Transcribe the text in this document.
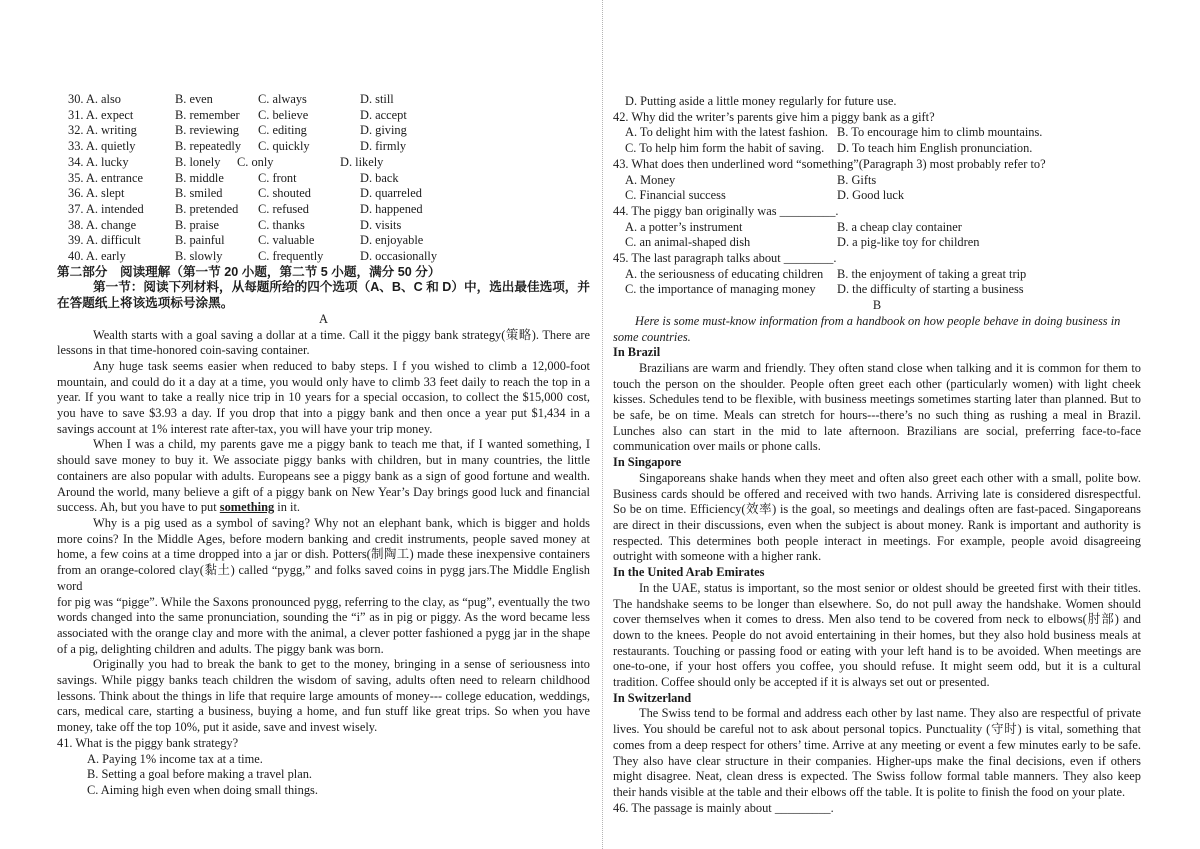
30. A. also	B. even	C. always	D. still
31. A. expect	B. remember	C. believe	D. accept
32. A. writing	B. reviewing	C. editing	D. giving
33. A. quietly	B. repeatedly	C. quickly	D. firmly
34. A. lucky	B. lonely	C. only	D. likely
35. A. entrance	B. middle	C. front	D. back
36. A. slept	B. smiled	C. shouted	D. quarreled
37. A. intended	B. pretended	C. refused	D. happened
38. A. change	B. praise	C. thanks	D. visits
39. A. difficult	B. painful	C. valuable	D. enjoyable
40. A. early	B. slowly	C. frequently	D. occasionally
第二部分　阅读理解（第一节 20 小题，第二节 5 小题，满分 50 分）

第一节：阅读下列材料，从每题所给的四个选项（A、B、C 和 D）中，选出最佳选项，并在答题纸上将该选项标号涂黑。

A

Wealth starts with a goal saving a dollar at a time. Call it the piggy bank strategy(策略). There are lessons in that time-honored coin-saving container.

Any huge task seems easier when reduced to baby steps. I f you wished to climb a 12,000-foot mountain, and could do it a day at a time, you would only have to climb 33 feet daily to reach the top in a year. If you want to take a really nice trip in 10 years for a special occasion, to collect the $15,000 cost, you have to save $3.93 a day. If you drop that into a piggy bank and then once a year put $1,434 in a savings account at 1% interest rate after-tax, you will have your trip money.

When I was a child, my parents gave me a piggy bank to teach me that, if I wanted something, I should save money to buy it. We associate piggy banks with children, but in many countries, the little containers are also popular with adults. Europeans see a piggy bank as a sign of good fortune and wealth. Around the world, many believe a gift of a piggy bank on New Year’s Day brings good luck and financial success. Ah, but you have to put something in it.

Why is a pig used as a symbol of saving? Why not an elephant bank, which is bigger and holds more coins? In the Middle Ages, before modern banking and credit instruments, people saved money at home, a few coins at a time dropped into a jar or dish. Potters(制陶工) made these inexpensive containers from an orange-colored clay(黏土) called “pygg,” and folks saved coins in pygg jars.The Middle English word

for pig was “pigge”. While the Saxons pronounced pygg, referring to the clay, as “pug”, eventually the two words changed into the same pronunciation, sounding the “i” as in pig or piggy. As the word became less associated with the orange clay and more with the animal, a clever potter fashioned a pygg jar in the shape of a pig, delighting children and adults. The piggy bank was born.

Originally you had to break the bank to get to the money, bringing in a sense of seriousness into savings. While piggy banks teach children the wisdom of saving, adults often need to relearn childhood lessons. Think about the things in life that require large amounts of money--- college education, weddings, cars, medical care, starting a business, buying a home, and fun stuff like great trips. So when you have money, take off the top 10%, put it aside, save and invest wisely.

41. What is the piggy bank strategy?
A. Paying 1% income tax at a time.
B. Setting a goal before making a travel plan.
C. Aiming high even when doing small things.
D. Putting aside a little money regularly for future use.
42. Why did the writer’s parents give him a piggy bank as a gift?
A. To delight him with the latest fashion. B. To encourage him to climb mountains.
C. To help him form the habit of saving.	D. To teach him English pronunciation.
43. What does then underlined word “something”(Paragraph 3) most probably refer to?
A. Money	B. Gifts
C. Financial success	D. Good luck
44. The piggy ban originally was _________.
A. a potter’s instrument	B. a cheap clay container
C. an animal-shaped dish	D. a pig-like toy for children
45. The last paragraph talks about ________.
A. the seriousness of educating children	B. the enjoyment of taking a great trip
C. the importance of managing money	D. the difficulty of starting a business
B

Here is some must-know information from a handbook on how people behave in doing business in some countries.

In Brazil

Brazilians are warm and friendly. They often stand close when talking and it is common for them to touch the person on the shoulder. People often greet each other (particularly women) with light cheek kisses. Schedules tend to be flexible, with business meetings sometimes starting later than planned. But to be safe, be on time. Meals can stretch for hours---there’s no such thing as rushing a meal in Brazil. Lunches also can start in the mid to late afternoon. Brazilians are social, preferring face-to-face communication over mails or phone calls.

In Singapore

Singaporeans shake hands when they meet and often also greet each other with a small, polite bow. Business cards should be offered and received with two hands. Arriving late is considered disrespectful. So be on time. Efficiency(效率) is the goal, so meetings and dealings often are fast-paced. Singaporeans are direct in their discussions, even when the subject is about money. Rank is important and authority is respected. This determines both people interact in meetings. For example, people avoid disagreeing outright with someone with a higher rank.

In the United Arab Emirates

In the UAE, status is important, so the most senior or oldest should be greeted first with their titles. The handshake seems to be longer than elsewhere. So, do not pull away the handshake. Women should cover themselves when it comes to dress. Men also tend to be covered from neck to elbows(肘部) and down to the knees. People do not avoid entertaining in their homes, but they also hold business meals at restaurants. Touching or passing food or eating with your left hand is to be avoided. When meetings are one-to-one, if your host offers you coffee, you should refuse. It might seem odd, but it is a cultural tradition. Coffee should only be accepted if it is always set out or presented.

In Switzerland

The Swiss tend to be formal and address each other by last name. They also are respectful of private lives. You should be careful not to ask about personal topics. Punctuality (守时) is vital, something that comes from a deep respect for others’ time. Arrive at any meeting or event a few minutes early to be safe. They also have clear structure in their companies. Higher-ups make the final decisions, even if others might disagree. Neat, clean dress is expected. The Swiss follow formal table manners. They also keep their hands visible at the table and their elbows off the table. It is polite to finish the food on your plate.

46. The passage is mainly about _________.
